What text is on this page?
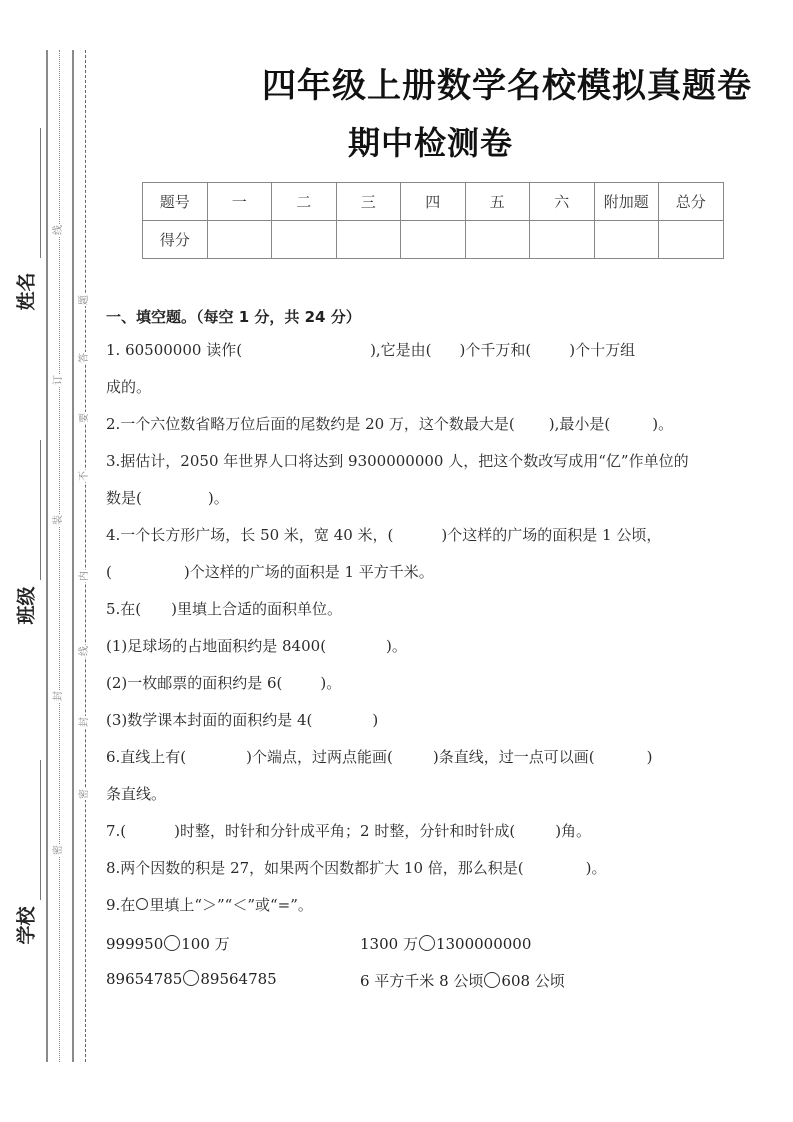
姓名
班级
学校
线
订
装
封
密
题
答
要
不
内
线
封
密
四年级上册数学名校模拟真题卷
期中检测卷
题号	一	二	三	四	五	六	附加题	总分
得分								
一、填空题。（每空 1 分，共 24 分）
1. 60500000 读作(	),它是由( )个千万和(	)个十万组
成的。
2.一个六位数省略万位后面的尾数约是 20 万，这个数最大是( ),最小是(	)。
3.据估计，2050 年世界人口将达到 9300000000 人，把这个数改写成用“亿”作单位的
数是(	)。
4.一个长方形广场，长 50 米，宽 40 米，(	)个这样的广场的面积是 1 公顷，
(	)个这样的广场的面积是 1 平方千米。
5.在( )里填上合适的面积单位。
(1)足球场的占地面积约是 8400(	)。
(2)一枚邮票的面积约是 6(	)。
(3)数学课本封面的面积约是 4(	)
6.直线上有(	)个端点，过两点能画(	)条直线，过一点可以画(	)
条直线。
7.(	)时整，时针和分针成平角；2 时整，分针和时针成(	)角。
8.两个因数的积是 27，如果两个因数都扩大 10 倍，那么积是(	)。
9.在 里填上“＞”“＜”或“=”。
999950 100 万	1300 万 1300000000
89654785 89564785	6 平方千米 8 公顷 608 公顷
